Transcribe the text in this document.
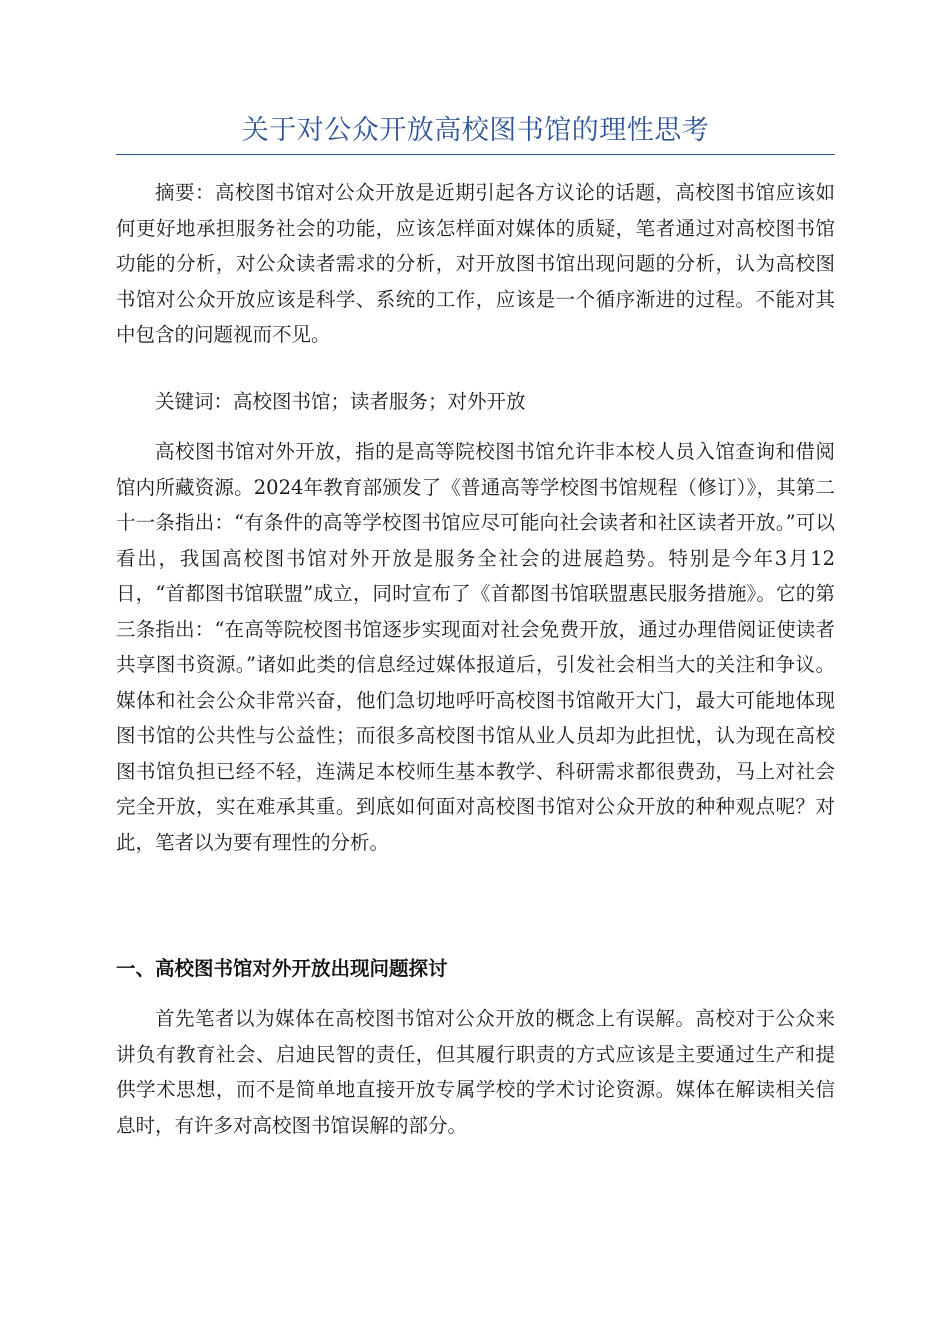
关于对公众开放高校图书馆的理性思考

摘要：高校图书馆对公众开放是近期引起各方议论的话题，高校图书馆应该如何更好地承担服务社会的功能，应该怎样面对媒体的质疑，笔者通过对高校图书馆功能的分析，对公众读者需求的分析，对开放图书馆出现问题的分析，认为高校图书馆对公众开放应该是科学、系统的工作，应该是一个循序渐进的过程。不能对其中包含的问题视而不见。

关键词：高校图书馆；读者服务；对外开放

高校图书馆对外开放，指的是高等院校图书馆允许非本校人员入馆查询和借阅馆内所藏资源。2024年教育部颁发了《普通高等学校图书馆规程（修订）》，其第二十一条指出：“有条件的高等学校图书馆应尽可能向社会读者和社区读者开放。”可以看出，我国高校图书馆对外开放是服务全社会的进展趋势。特别是今年3月12日，“首都图书馆联盟”成立，同时宣布了《首都图书馆联盟惠民服务措施》。它的第三条指出：“在高等院校图书馆逐步实现面对社会免费开放，通过办理借阅证使读者共享图书资源。”诸如此类的信息经过媒体报道后，引发社会相当大的关注和争议。媒体和社会公众非常兴奋，他们急切地呼吁高校图书馆敞开大门，最大可能地体现图书馆的公共性与公益性；而很多高校图书馆从业人员却为此担忧，认为现在高校图书馆负担已经不轻，连满足本校师生基本教学、科研需求都很费劲，马上对社会完全开放，实在难承其重。到底如何面对高校图书馆对公众开放的种种观点呢？对此，笔者以为要有理性的分析。

一、高校图书馆对外开放出现问题探讨

首先笔者以为媒体在高校图书馆对公众开放的概念上有误解。高校对于公众来讲负有教育社会、启迪民智的责任，但其履行职责的方式应该是主要通过生产和提供学术思想，而不是简单地直接开放专属学校的学术讨论资源。媒体在解读相关信息时，有许多对高校图书馆误解的部分。
